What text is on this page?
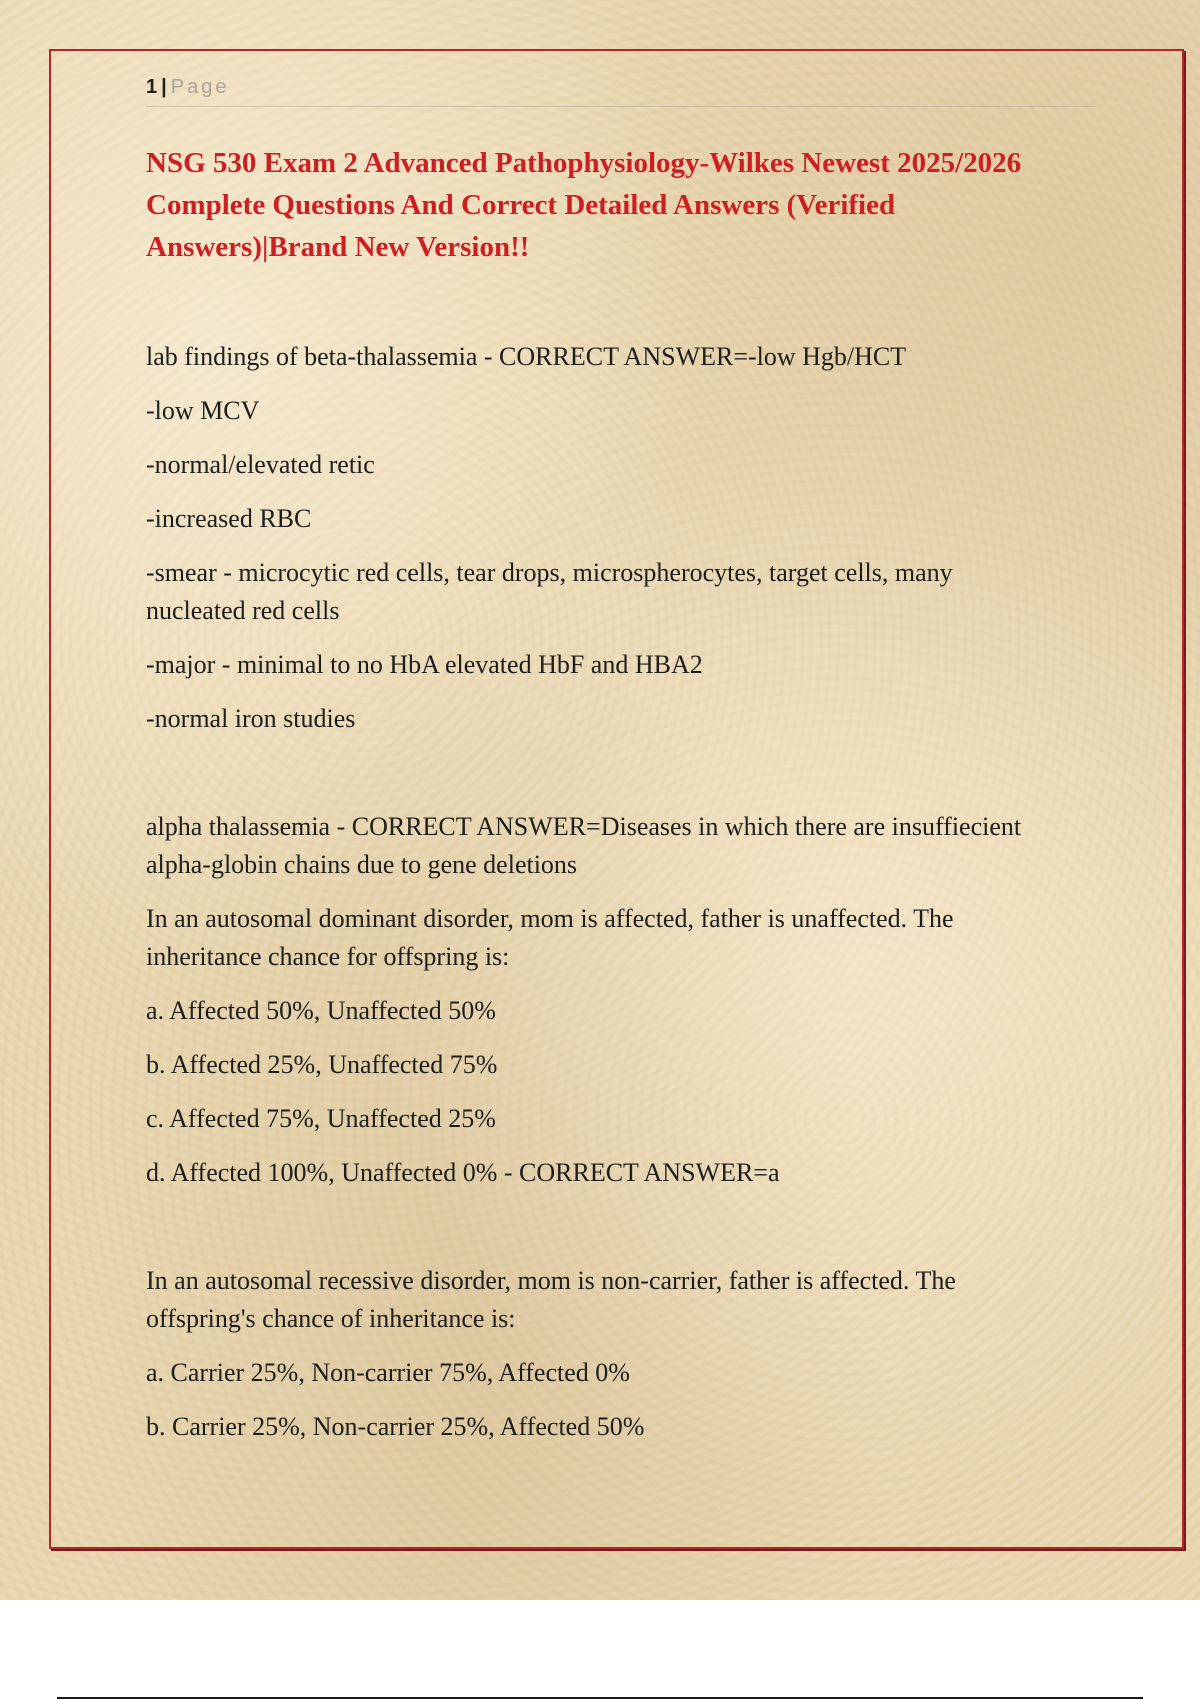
1 | Page
NSG 530 Exam 2 Advanced Pathophysiology-Wilkes Newest 2025/2026 Complete Questions And Correct Detailed Answers (Verified Answers)|Brand New Version!!

lab findings of beta-thalassemia - CORRECT ANSWER=-low Hgb/HCT

-low MCV

-normal/elevated retic

-increased RBC

-smear - microcytic red cells, tear drops, microspherocytes, target cells, many nucleated red cells

-major - minimal to no HbA elevated HbF and HBA2

-normal iron studies

alpha thalassemia - CORRECT ANSWER=Diseases in which there are insuffiecient alpha-globin chains due to gene deletions

In an autosomal dominant disorder, mom is affected, father is unaffected. The inheritance chance for offspring is:

a. Affected 50%, Unaffected 50%

b. Affected 25%, Unaffected 75%

c. Affected 75%, Unaffected 25%

d. Affected 100%, Unaffected 0% - CORRECT ANSWER=a

In an autosomal recessive disorder, mom is non-carrier, father is affected. The offspring's chance of inheritance is:

a. Carrier 25%, Non-carrier 75%, Affected 0%

b. Carrier 25%, Non-carrier 25%, Affected 50%
